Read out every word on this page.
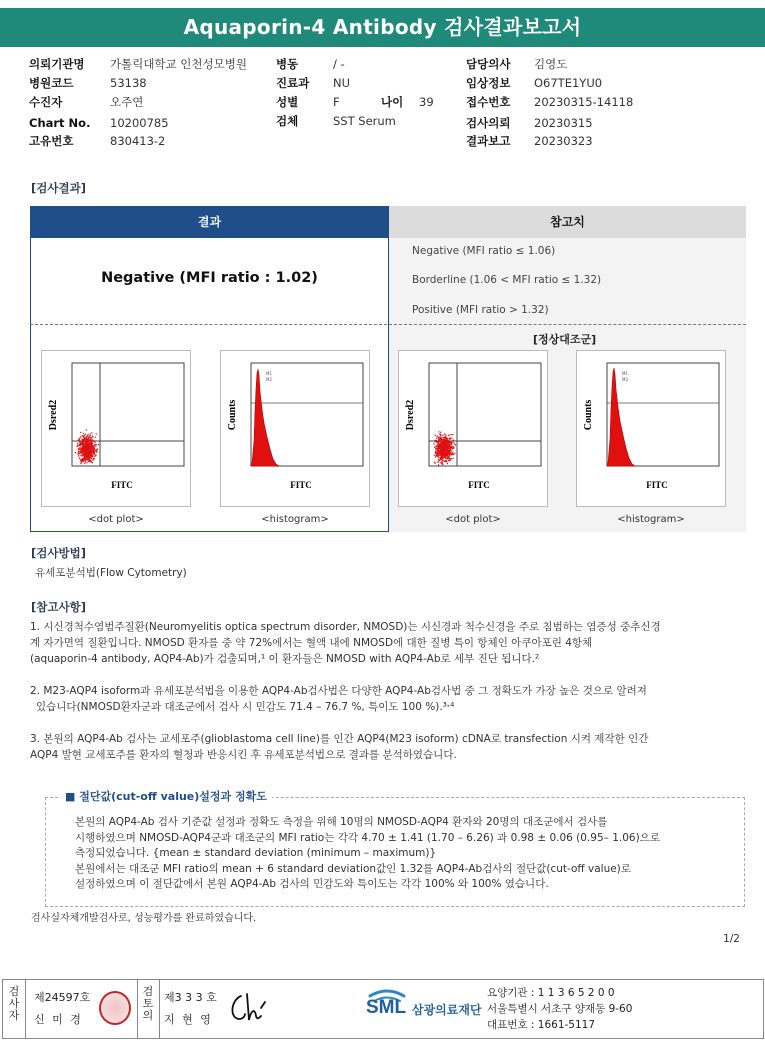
Aquaporin-4 Antibody 검사결과보고서
의뢰기관명 가톨릭대학교 인천성모병원
병원코드	53138
수진자	오주연
Chart No. 10200785
고유번호	830413-2
병동	/ -
진료과 NU
성별	F	나이 39
검체	SST Serum
담당의사 김영도
임상정보 O67TE1YU0
접수번호 20230315-14118
검사의뢰 20230315
결과보고 20230323
[검사결과]
결과	참고치
Negative (MFI ratio : 1.02)
Negative (MFI ratio ≤ 1.06)
Borderline (1.06 < MFI ratio ≤ 1.32)
Positive (MFI ratio > 1.32)
[정상대조군]
Dsred2
FITC
<dot plot>
M1
M2
Counts
FITC
<histogram>
Dsred2
FITC
<dot plot>
M1
M2
Counts
FITC
<histogram>
[검사방법]
유세포분석법(Flow Cytometry)
[참고사항]
1. 시신경척수염범주질환(Neuromyelitis optica spectrum disorder, NMOSD)는 시신경과 척수신경을 주로 침범하는 염증성 중추신경
계 자가면역 질환입니다. NMOSD 환자를 중 약 72%에서는 혈액 내에 NMOSD에 대한 질병 특이 항체인 아쿠아포린 4항체
(aquaporin-4 antibody, AQP4-Ab)가 검출되며,¹ 이 환자들은 NMOSD with AQP4-Ab로 세부 진단 됩니다.²
2. M23-AQP4 isoform과 유세포분석법을 이용한 AQP4-Ab검사법은 다양한 AQP4-Ab검사법 중 그 정확도가 가장 높은 것으로 알려져
있습니다(NMOSD환자군과 대조군에서 검사 시 민감도 71.4 – 76.7 %, 특이도 100 %).³˒⁴
3. 본원의 AQP4-Ab 검사는 교세포주(glioblastoma cell line)를 인간 AQP4(M23 isoform) cDNA로 transfection 시켜 제작한 인간
AQP4 발현 교세포주를 환자의 혈청과 반응시킨 후 유세포분석법으로 결과를 분석하였습니다.
■ 절단값(cut-off value)설정과 정확도
본원의 AQP4-Ab 검사 기준값 설정과 정확도 측정을 위해 10명의 NMOSD-AQP4 환자와 20명의 대조군에서 검사를
시행하였으며 NMOSD-AQP4군과 대조군의 MFI ratio는 각각 4.70 ± 1.41 (1.70 – 6.26) 과 0.98 ± 0.06 (0.95– 1.06)으로
측정되었습니다. {mean ± standard deviation (minimum – maximum)}
본원에서는 대조군 MFI ratio의 mean + 6 standard deviation값인 1.32를 AQP4-Ab검사의 절단값(cut-off value)로
설정하였으며 이 절단값에서 본원 AQP4-Ab 검사의 민감도와 특이도는 각각 100% 와 100% 였습니다.
검사실자체개발검사로, 성능평가를 완료하였습니다.
1/2
검
사
자
제24597호
신 미 경
검
토
의
제3 3 3 호
지 현 영
SML 삼광의료재단
요양기관 : 1 1 3 6 5 2 0 0
서울특별시 서초구 양재동 9-60
대표번호 : 1661-5117
